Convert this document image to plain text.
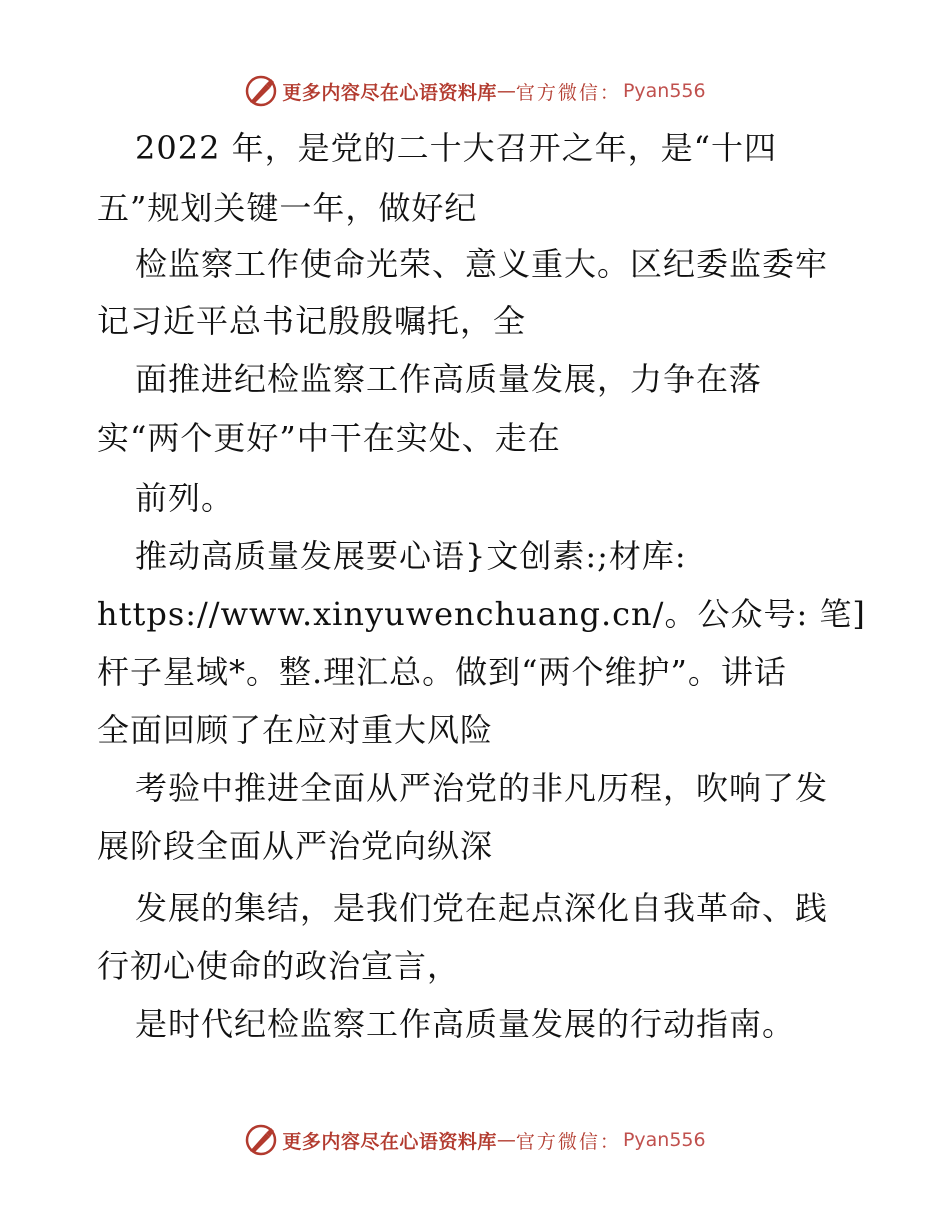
更多内容尽在心语资料库 — 官方微信： Pyan556
2022 年，是党的二十大召开之年，是“十四
五”规划关键一年，做好纪
检监察工作使命光荣、意义重大。区纪委监委牢
记习近平总书记殷殷嘱托，全
面推进纪检监察工作高质量发展，力争在落
实“两个更好”中干在实处、走在
前列。
推动高质量发展要心语}文创素:;材库:
https://www.xinyuwenchuang.cn/。公众号: 笔]
杆子星域*。整.理汇总。做到“两个维护”。讲话
全面回顾了在应对重大风险
考验中推进全面从严治党的非凡历程，吹响了发
展阶段全面从严治党向纵深
发展的集结，是我们党在起点深化自我革命、践
行初心使命的政治宣言，
是时代纪检监察工作高质量发展的行动指南。
更多内容尽在心语资料库 — 官方微信： Pyan556
